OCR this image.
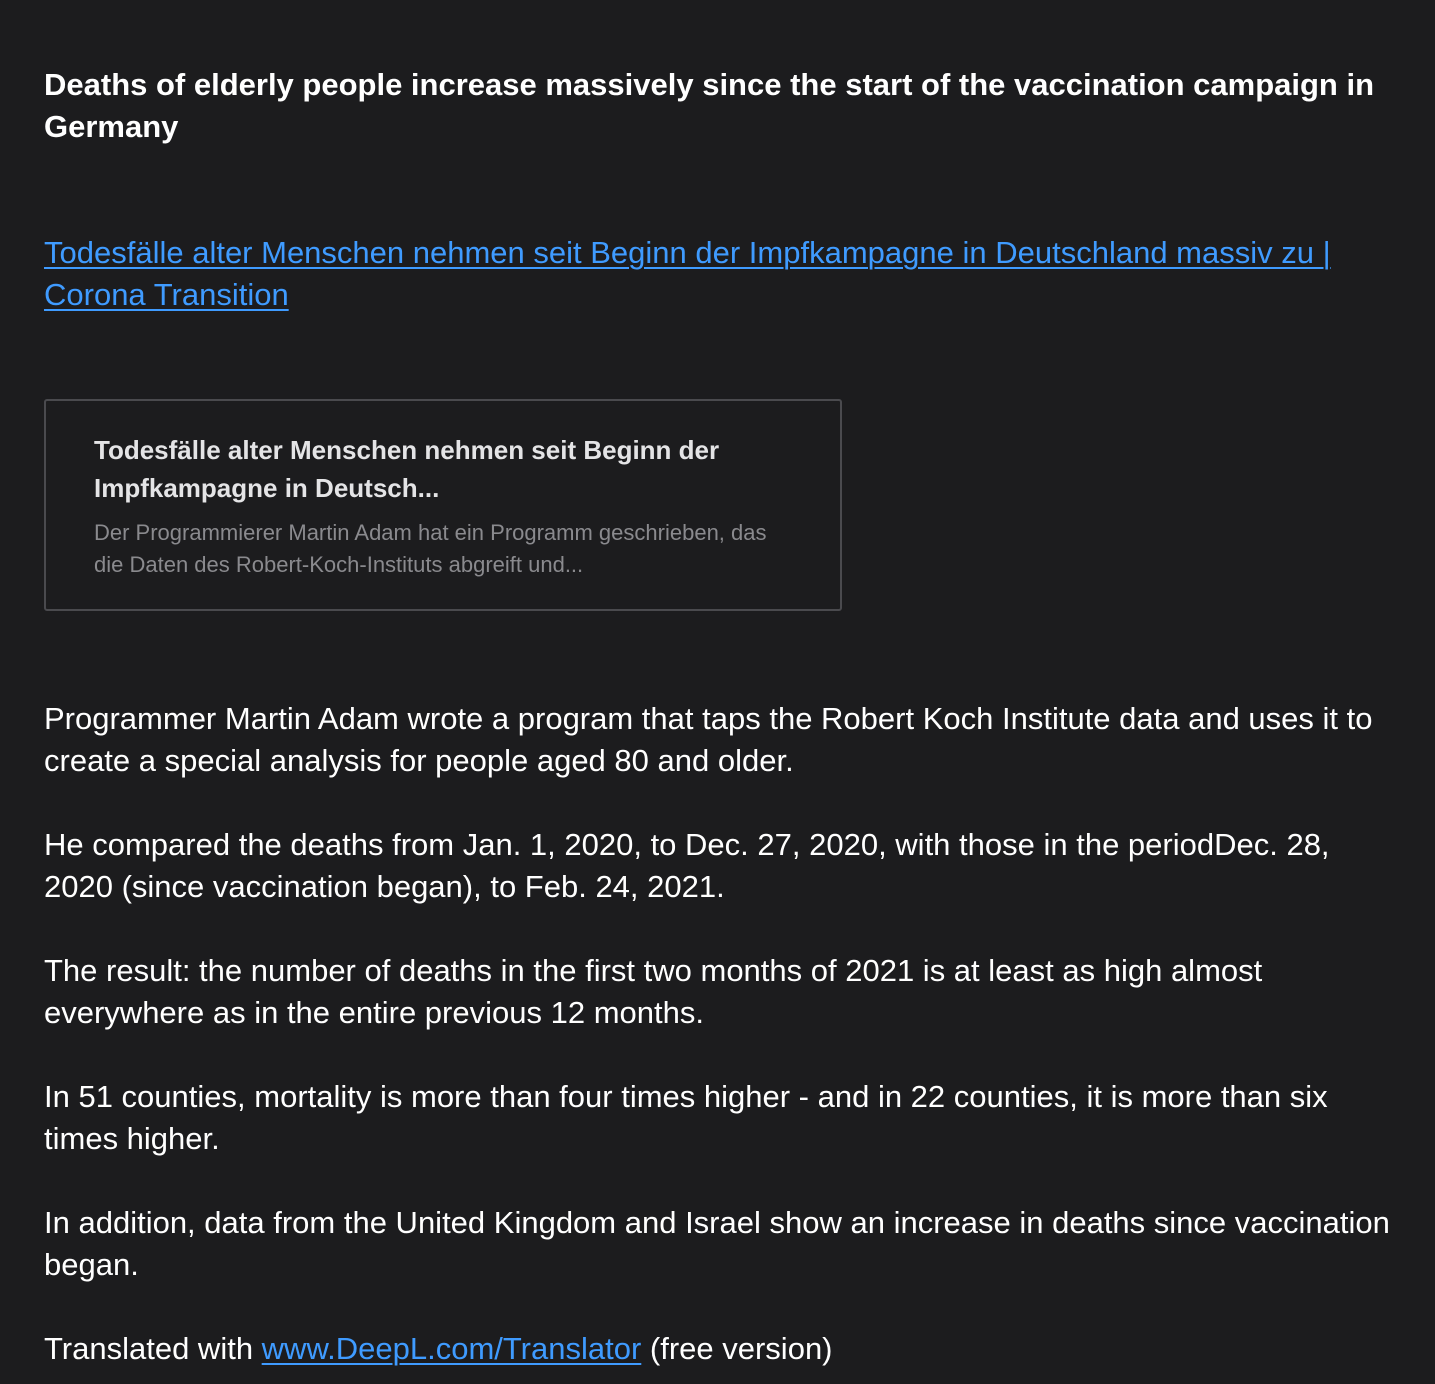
Deaths of elderly people increase massively since the start of the vaccination campaign in Germany

Todesfälle alter Menschen nehmen seit Beginn der Impfkampagne in Deutschland massiv zu | Corona Transition

Todesfälle alter Menschen nehmen seit Beginn der Impfkampagne in Deutsch...

Der Programmierer Martin Adam hat ein Programm geschrieben, das die Daten des Robert-Koch-Instituts abgreift und...

Programmer Martin Adam wrote a program that taps the Robert Koch Institute data and uses it to create a special analysis for people aged 80 and older.

He compared the deaths from Jan. 1, 2020, to Dec. 27, 2020, with those in the periodDec. 28, 2020 (since vaccination began), to Feb. 24, 2021.

The result: the number of deaths in the first two months of 2021 is at least as high almost everywhere as in the entire previous 12 months.

In 51 counties, mortality is more than four times higher - and in 22 counties, it is more than six times higher.

In addition, data from the United Kingdom and Israel show an increase in deaths since vaccination began.

Translated with www.DeepL.com/Translator (free version)
